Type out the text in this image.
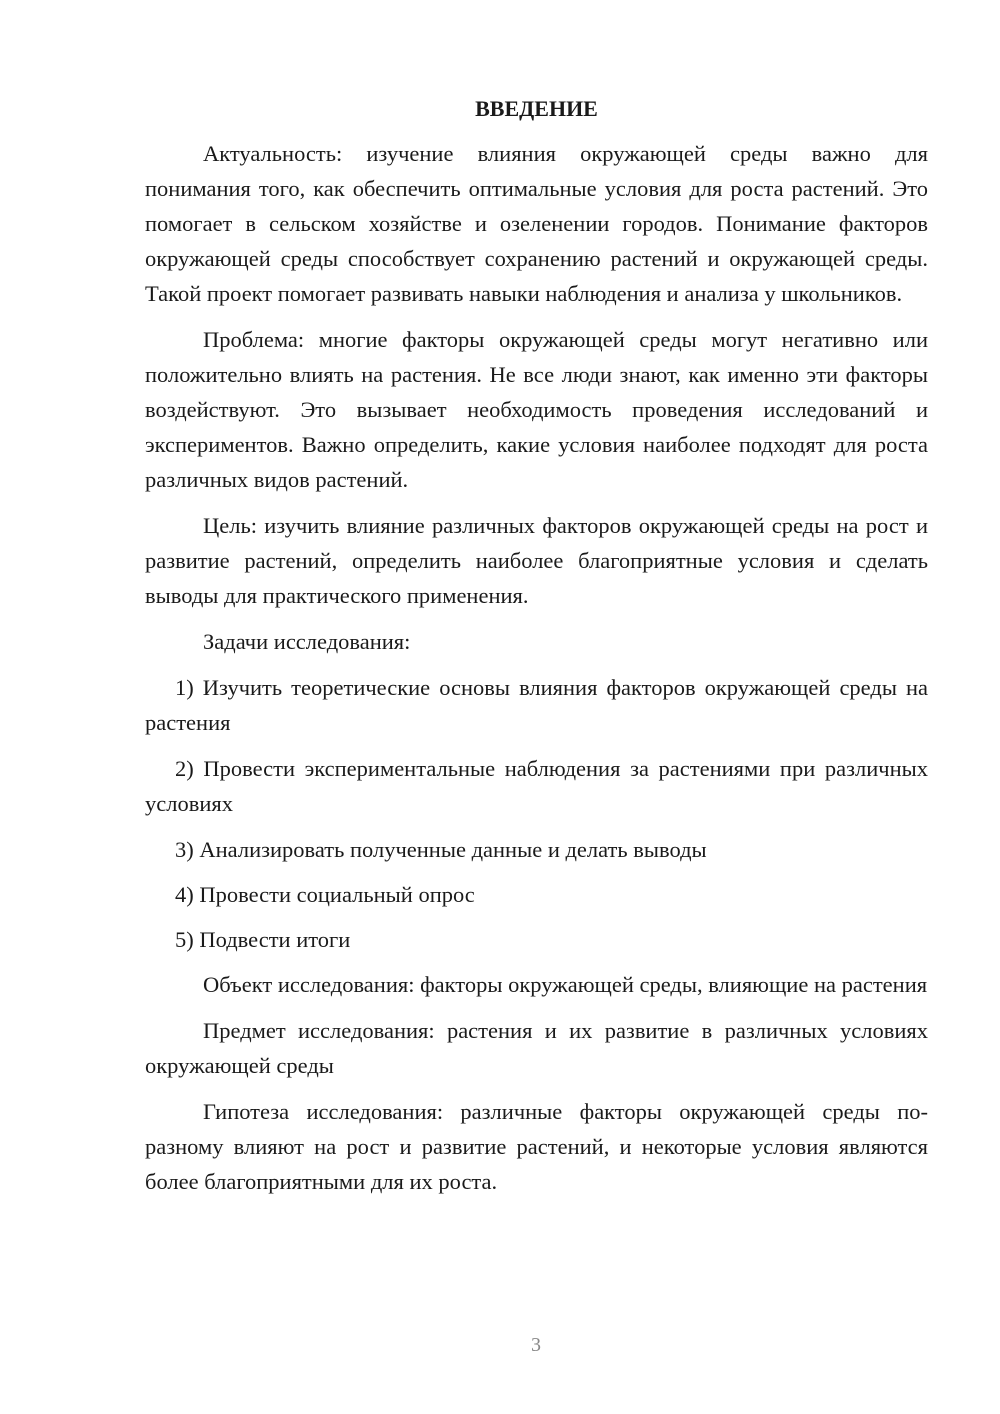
ВВЕДЕНИЕ
Актуальность: изучение влияния окружающей среды важно для понимания того, как обеспечить оптимальные условия для роста растений. Это помогает в сельском хозяйстве и озеленении городов. Понимание факторов окружающей среды способствует сохранению растений и окружающей среды. Такой проект помогает развивать навыки наблюдения и анализа у школьников.
Проблема: многие факторы окружающей среды могут негативно или положительно влиять на растения. Не все люди знают, как именно эти факторы воздействуют. Это вызывает необходимость проведения исследований и экспериментов. Важно определить, какие условия наиболее подходят для роста различных видов растений.
Цель: изучить влияние различных факторов окружающей среды на рост и развитие растений, определить наиболее благоприятные условия и сделать выводы для практического применения.
Задачи исследования:
1) Изучить теоретические основы влияния факторов окружающей среды на растения
2) Провести экспериментальные наблюдения за растениями при различных условиях
3) Анализировать полученные данные и делать выводы
4) Провести социальный опрос
5) Подвести итоги
Объект исследования: факторы окружающей среды, влияющие на растения
Предмет исследования: растения и их развитие в различных условиях окружающей среды
Гипотеза исследования: различные факторы окружающей среды по-разному влияют на рост и развитие растений, и некоторые условия являются более благоприятными для их роста.
3
